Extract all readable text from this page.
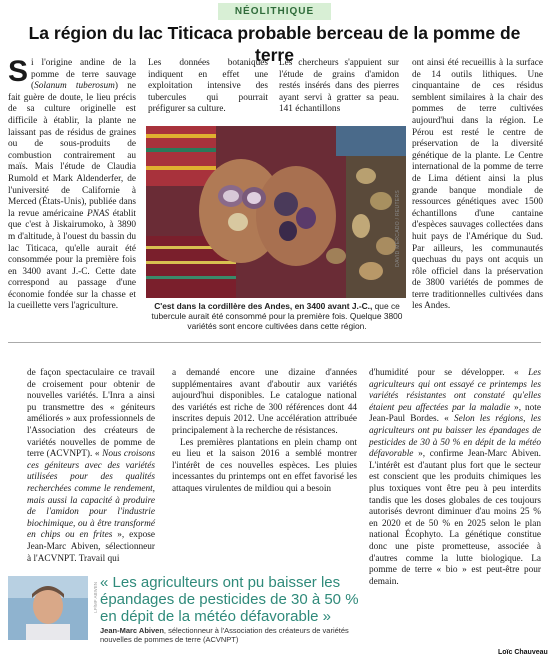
NÉOLITHIQUE
La région du lac Titicaca probable berceau de la pomme de terre

Si l'origine andine de la pomme de terre sauvage (Solanum tuberosum) ne fait guère de doute, le lieu précis de sa culture originelle est difficile à établir, la plante ne laissant pas de résidus de graines ou de sous-produits de combustion contrairement au maïs. Mais l'étude de Claudia Rumold et Mark Aldenderfer, de l'université de Californie à Merced (États-Unis), publiée dans la revue américaine PNAS établit que c'est à Jiskairumoko, à 3890 m d'altitude, à l'ouest du bassin du lac Titicaca, qu'elle aurait été consommée pour la première fois en 3400 avant J.-C. Cette date correspond au passage d'une économie fondée sur la chasse et la cueillette vers l'agriculture.

Les données botaniques indiquent en effet une exploitation intensive des tubercules qui pourrait préfigurer sa culture.

Les chercheurs s'appuient sur l'étude de grains d'amidon restés insérés dans des pierres ayant servi à gratter sa peau. 141 échantillons

ont ainsi été recueillis à la surface de 14 outils lithiques. Une cinquantaine de ces résidus semblent similaires à la chair des pommes de terre cultivées aujourd'hui dans la région. Le Pérou est resté le centre de préservation de la diversité génétique de la plante. Le Centre international de la pomme de terre de Lima détient ainsi la plus grande banque mondiale de ressources génétiques avec 1500 échantillons d'une cantaine d'espèces sauvages collectées dans huit pays de l'Amérique du Sud. Par ailleurs, les communautés quechuas du pays ont acquis un rôle officiel dans la préservation de 3800 variétés de pommes de terre traditionnelles cultivées dans les Andes.

DAVID MERCADO / REUTERS
C'est dans la cordillère des Andes, en 3400 avant J.-C., que ce tubercule aurait été consommé pour la première fois. Quelque 3800 variétés sont encore cultivées dans cette région.

de façon spectaculaire ce travail de croisement pour obtenir de nouvelles variétés. L'Inra a ainsi pu transmettre des « géniteurs améliorés » aux professionnels de l'Association des créateurs de variétés nouvelles de pomme de terre (ACVNPT). « Nous croisons ces géniteurs avec des variétés utilisées pour des qualités recherchées comme le rendement, mais aussi la capacité à produire de l'amidon pour l'industrie biochimique, ou à être transformé en chips ou en frites », expose Jean-Marc Abiven, sélectionneur à l'ACVNPT. Travail qui

a demandé encore une dizaine d'années supplémentaires avant d'aboutir aux variétés aujourd'hui disponibles. Le catalogue national des variétés est riche de 300 références dont 44 inscrites depuis 2012. Une accélération attribuée principalement à la recherche de résistances.

Les premières plantations en plein champ ont eu lieu et la saison 2016 a semblé montrer l'intérêt de ces nouvelles espèces. Les pluies incessantes du printemps ont en effet favorisé les attaques virulentes de mildiou qui a besoin

d'humidité pour se développer. « Les agriculteurs qui ont essayé ce printemps les variétés résistantes ont constaté qu'elles étaient peu affectées par la maladie », note Jean-Paul Bordes. « Selon les régions, les agriculteurs ont pu baisser les épandages de pesticides de 30 à 50 % en dépit de la météo défavorable », confirme Jean-Marc Abiven. L'intérêt est d'autant plus fort que le secteur est conscient que les produits chimiques les plus toxiques vont être peu à peu interdits tandis que les doses globales de ces toujours autorisés devront diminuer d'au moins 25 % en 2020 et de 50 % en 2025 selon le plan national Écophyto. La génétique constitue donc une piste prometteuse, associée à d'autres comme la lutte biologique. La pomme de terre « bio » est peut-être pour demain.

LP/MF ABIVEN « Les agriculteurs ont pu baisser les épandages de pesticides de 30 à 50 % en dépit de la météo défavorable »
Jean-Marc Abiven, sélectionneur à l'Association des créateurs de variétés nouvelles de pommes de terre (ACVNPT)
Loïc Chauveau
